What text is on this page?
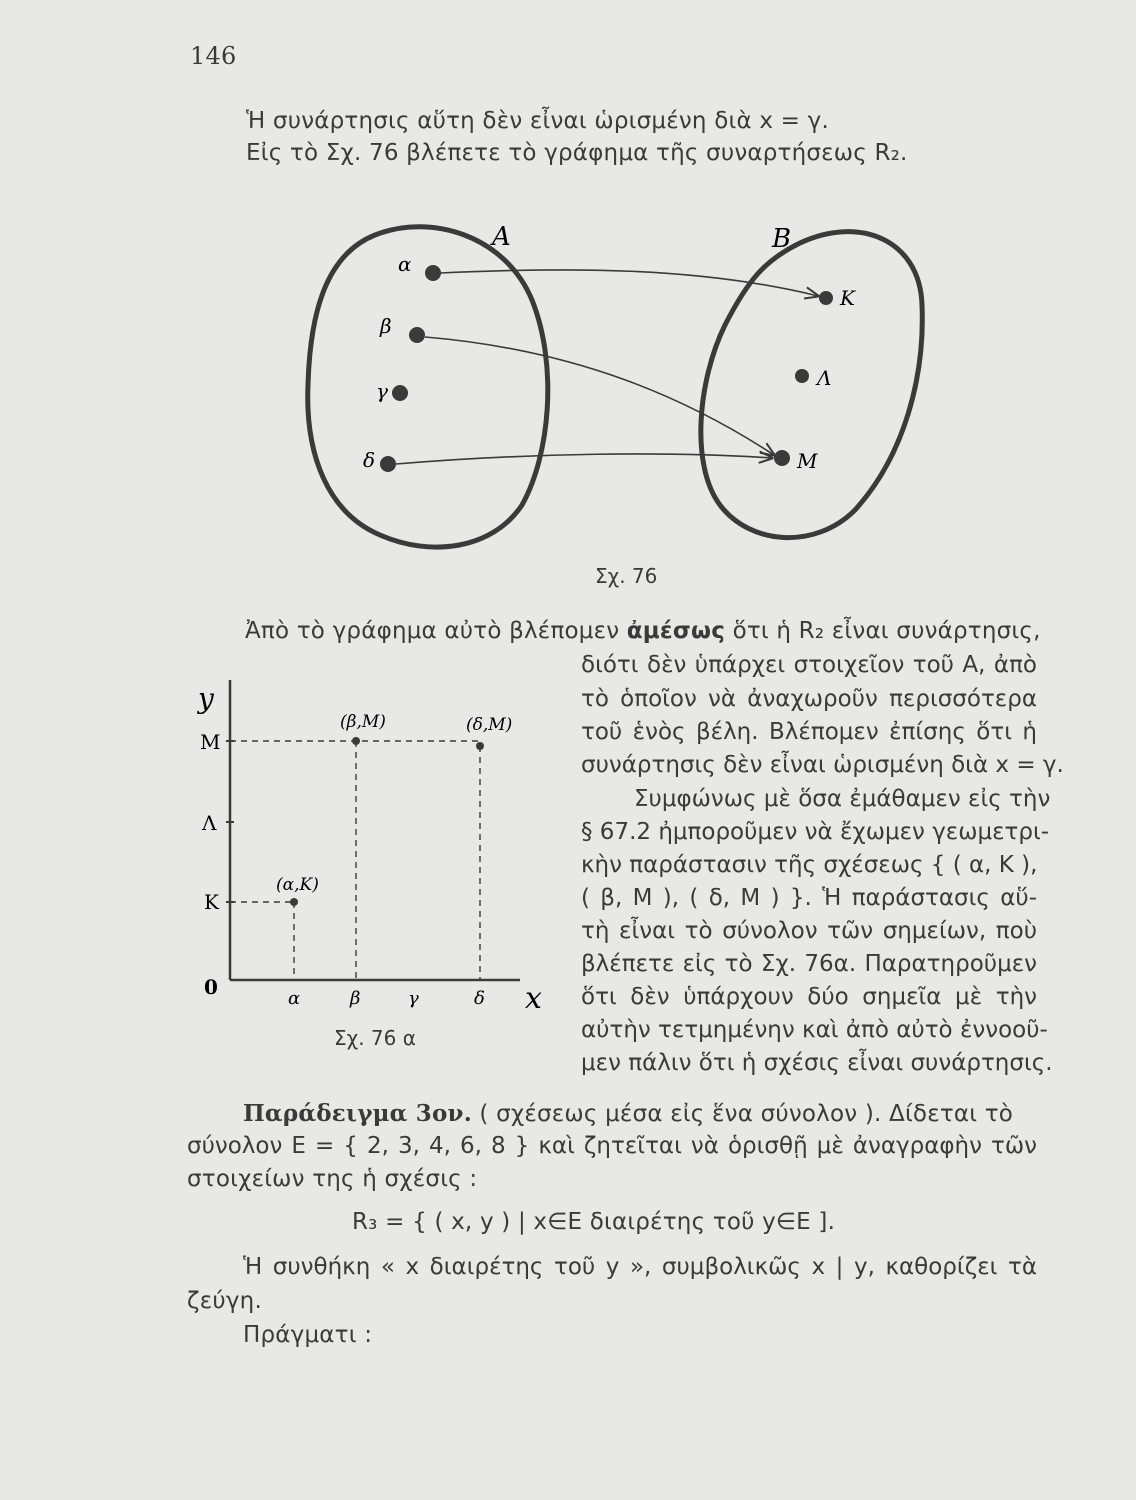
146
Ἡ συνάρτησις αὕτη δὲν εἶναι ὡρισμένη διὰ x = γ.
Εἰς τὸ Σχ. 76 βλέπετε τὸ γράφημα τῆς συναρτήσεως R₂.
A	B
α
β
γ
δ
K
Λ
M
Σχ. 76
Ἀπὸ τὸ γράφημα αὐτὸ βλέπομεν ἀμέσως ὅτι ἡ R₂ εἶναι συνάρτησις,
διότι δὲν ὑπάρχει στοιχεῖον τοῦ A, ἀπὸ
τὸ ὁποῖον νὰ ἀναχωροῦν περισσότερα
τοῦ ἑνὸς βέλη. Βλέπομεν ἐπίσης ὅτι ἡ
συνάρτησις δὲν εἶναι ὡρισμένη διὰ x = γ.
Συμφώνως μὲ ὅσα ἐμάθαμεν εἰς τὴν
§ 67.2 ἠμποροῦμεν νὰ ἔχωμεν γεωμετρι-
κὴν παράστασιν τῆς σχέσεως { ( α, K ),
( β, M ), ( δ, M ) }. Ἡ παράστασις αὕ-
τὴ εἶναι τὸ σύνολον τῶν σημείων, ποὺ
βλέπετε εἰς τὸ Σχ. 76α. Παρατηροῦμεν
ὅτι δὲν ὑπάρχουν δύο σημεῖα μὲ τὴν
αὐτὴν τετμημένην καὶ ἀπὸ αὐτὸ ἐννοοῦ-
μεν πάλιν ὅτι ἡ σχέσις εἶναι συνάρτησις.
y
x
0
M
Λ
K
α	β	γ	δ
(α,K)
(β,M)	(δ,M)
Σχ. 76 α
Παράδειγμα 3ον. ( σχέσεως μέσα εἰς ἕνα σύνολον ). Δίδεται τὸ
σύνολον E = { 2, 3, 4, 6, 8 } καὶ ζητεῖται νὰ ὁρισθῇ μὲ ἀναγραφὴν τῶν
στοιχείων της ἡ σχέσις :
R₃ = { ( x, y ) | x∈E διαιρέτης τοῦ y∈E ].
Ἡ συνθήκη « x διαιρέτης τοῦ y », συμβολικῶς x | y, καθορίζει τὰ
ζεύγη.
Πράγματι :
